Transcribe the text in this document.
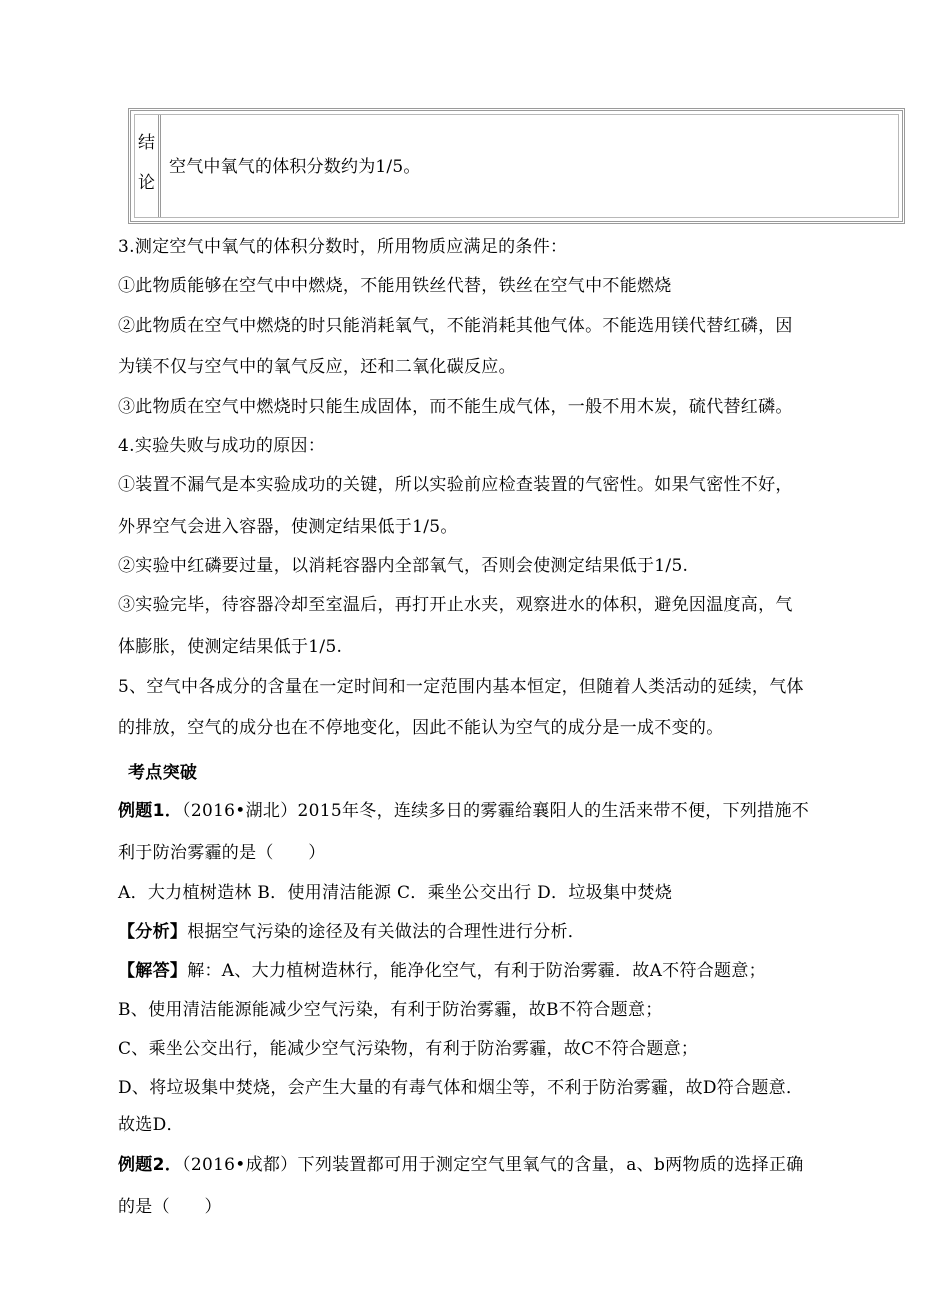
结
论
空气中氧气的体积分数约为1/5。
3.测定空气中氧气的体积分数时，所用物质应满足的条件：
①此物质能够在空气中中燃烧，不能用铁丝代替，铁丝在空气中不能燃烧
②此物质在空气中燃烧的时只能消耗氧气，不能消耗其他气体。不能选用镁代替红磷，因
为镁不仅与空气中的氧气反应，还和二氧化碳反应。
③此物质在空气中燃烧时只能生成固体，而不能生成气体，一般不用木炭，硫代替红磷。
4.实验失败与成功的原因：
①装置不漏气是本实验成功的关键，所以实验前应检查装置的气密性。如果气密性不好，
外界空气会进入容器，使测定结果低于1/5。
②实验中红磷要过量，以消耗容器内全部氧气，否则会使测定结果低于1/5.
③实验完毕，待容器冷却至室温后，再打开止水夹，观察进水的体积，避免因温度高，气
体膨胀，使测定结果低于1/5.
5、空气中各成分的含量在一定时间和一定范围内基本恒定，但随着人类活动的延续，气体
的排放，空气的成分也在不停地变化，因此不能认为空气的成分是一成不变的。
考点突破
例题1．（2016•湖北）2015年冬，连续多日的雾霾给襄阳人的生活来带不便，下列措施不
利于防治雾霾的是（　　）
A．大力植树造林 B．使用清洁能源 C．乘坐公交出行 D．垃圾集中焚烧
【分析】根据空气污染的途径及有关做法的合理性进行分析．
【解答】解：A、大力植树造林行，能净化空气，有利于防治雾霾．故A不符合题意；
B、使用清洁能源能减少空气污染，有利于防治雾霾，故B不符合题意；
C、乘坐公交出行，能减少空气污染物，有利于防治雾霾，故C不符合题意；
D、将垃圾集中焚烧，会产生大量的有毒气体和烟尘等，不利于防治雾霾，故D符合题意．
故选D．
例题2．（2016•成都）下列装置都可用于测定空气里氧气的含量，a、b两物质的选择正确
的是（　　）
